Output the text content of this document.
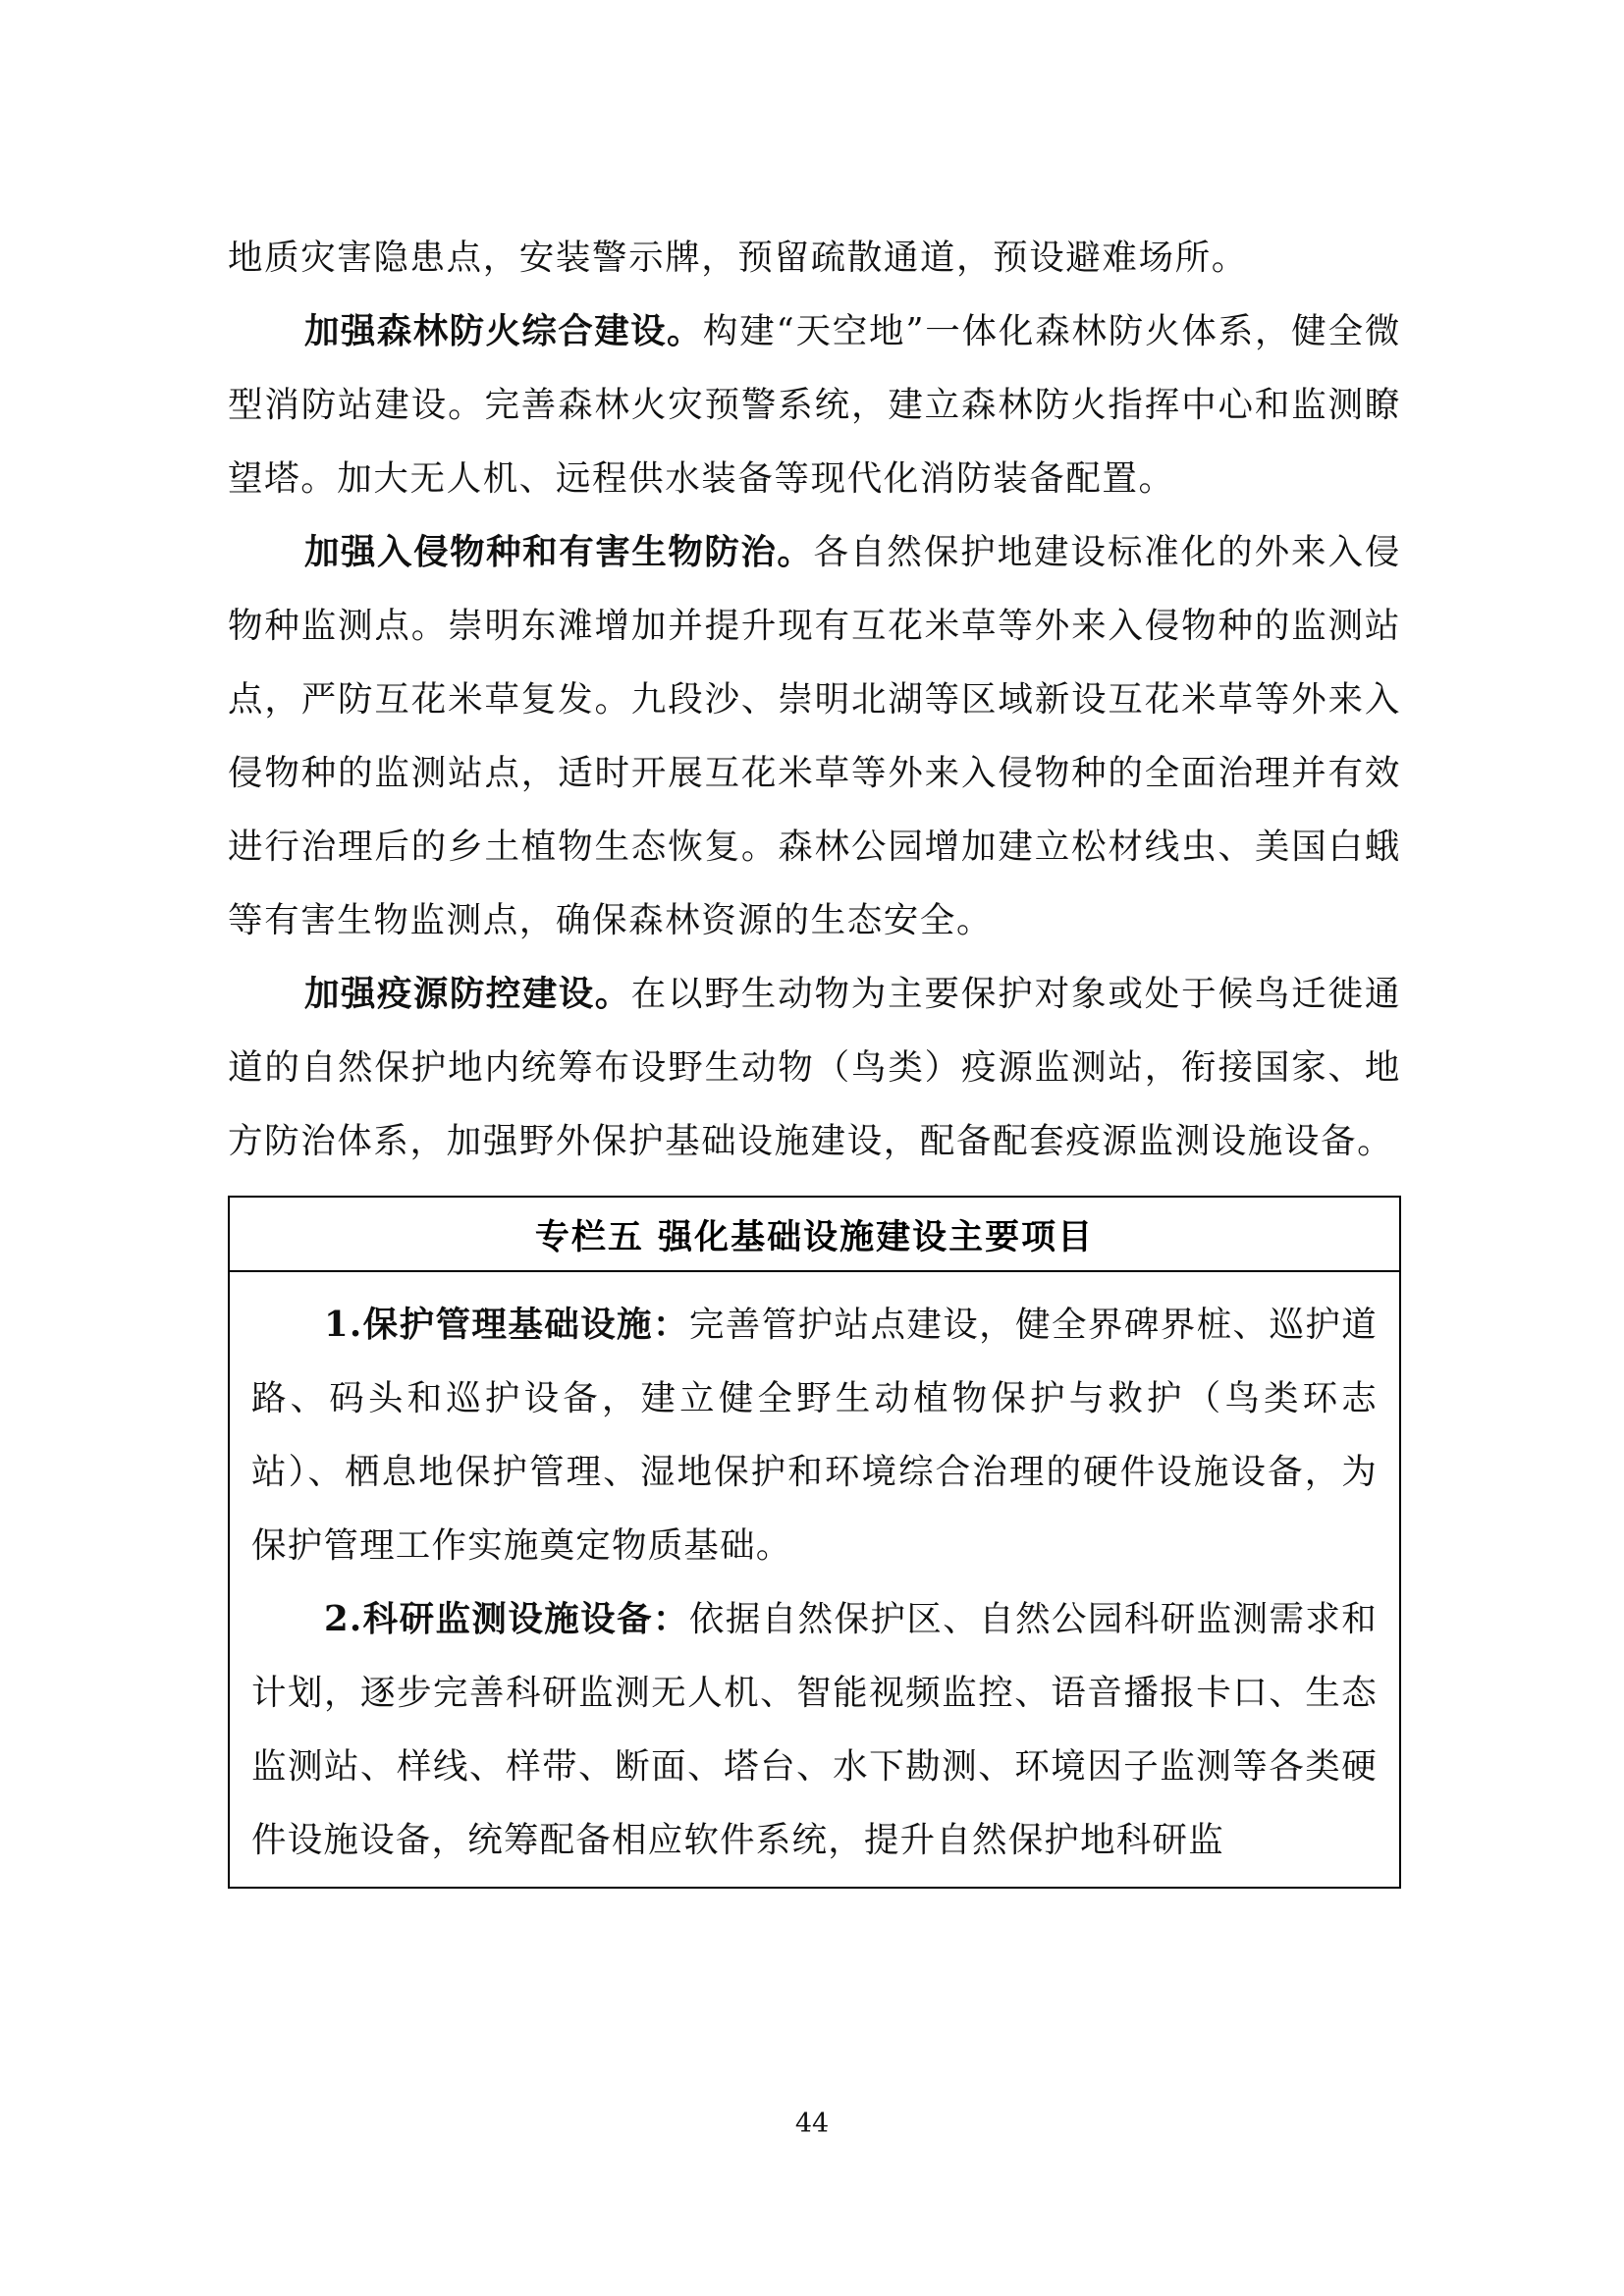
地质灾害隐患点，安装警示牌，预留疏散通道，预设避难场所。

加强森林防火综合建设。构建“天空地”一体化森林防火体系，健全微型消防站建设。完善森林火灾预警系统，建立森林防火指挥中心和监测瞭望塔。加大无人机、远程供水装备等现代化消防装备配置。

加强入侵物种和有害生物防治。各自然保护地建设标准化的外来入侵物种监测点。崇明东滩增加并提升现有互花米草等外来入侵物种的监测站点，严防互花米草复发。九段沙、崇明北湖等区域新设互花米草等外来入侵物种的监测站点，适时开展互花米草等外来入侵物种的全面治理并有效进行治理后的乡土植物生态恢复。森林公园增加建立松材线虫、美国白蛾等有害生物监测点，确保森林资源的生态安全。

加强疫源防控建设。在以野生动物为主要保护对象或处于候鸟迁徙通道的自然保护地内统筹布设野生动物（鸟类）疫源监测站，衔接国家、地方防治体系，加强野外保护基础设施建设，配备配套疫源监测设施设备。

专栏五 强化基础设施建设主要项目

1.保护管理基础设施：完善管护站点建设，健全界碑界桩、巡护道路、码头和巡护设备，建立健全野生动植物保护与救护（鸟类环志站）、栖息地保护管理、湿地保护和环境综合治理的硬件设施设备，为保护管理工作实施奠定物质基础。

2.科研监测设施设备：依据自然保护区、自然公园科研监测需求和计划，逐步完善科研监测无人机、智能视频监控、语音播报卡口、生态监测站、样线、样带、断面、塔台、水下勘测、环境因子监测等各类硬件设施设备，统筹配备相应软件系统，提升自然保护地科研监

44
